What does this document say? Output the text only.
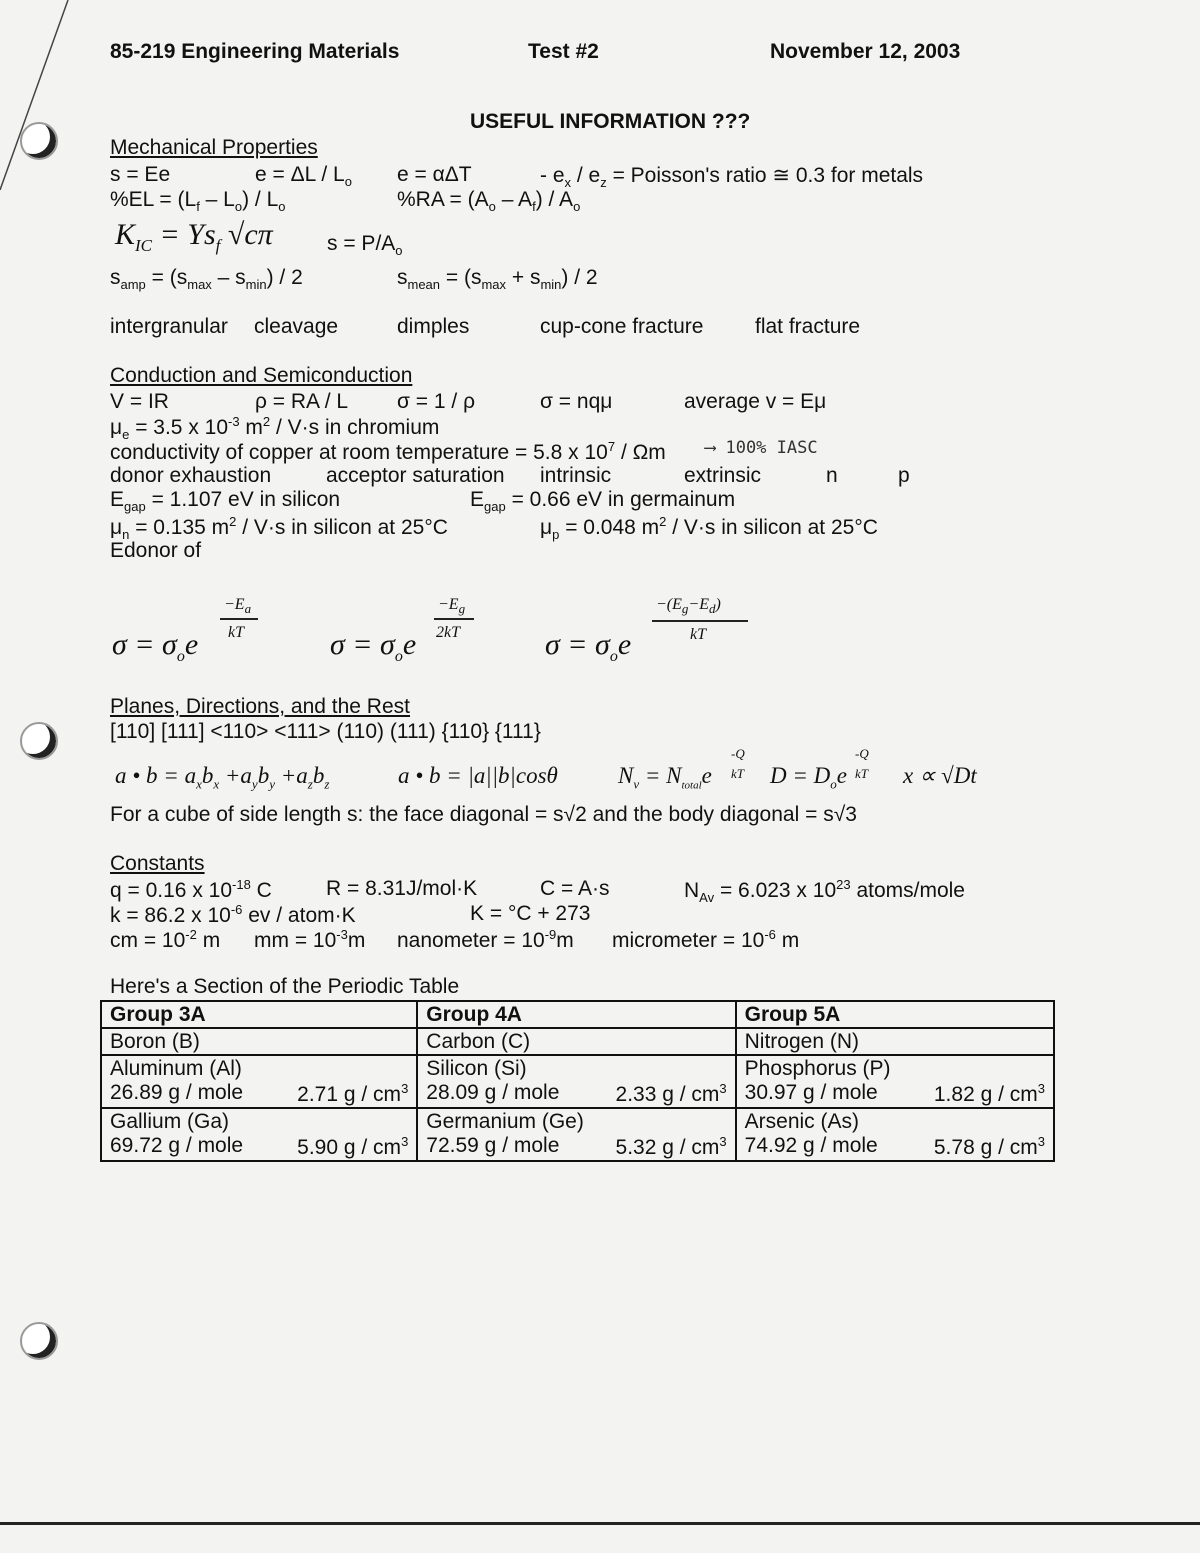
85-219 Engineering Materials	Test #2	November 12, 2003
USEFUL INFORMATION ???
Mechanical Properties
s = Ee	$e = \Delta L / L_o$ e = αΔT	- $e_x / e_z$ = Poisson's ratio ≅ 0.3 for metals
$\%EL = (L_f - L_o) / L_o$	$\%RA = (A_o - A_f) / A_o$
$K_{IC} = Ys_f$ √cπ	$s = P/A_o$
$s_{amp} = (s_{max} - s_{min}) / 2$	$s_{mean} = (s_{max} + s_{min}) / 2$
intergranular cleavage	dimples	cup-cone fracture flat fracture
Conduction and Semiconduction
V = IR	ρ = RA / L σ = 1 / ρ	σ = nqμ	average v = Eμ
$\mu_e = 3.5$ x $10^{-3}$ $m^2 / V\cdot s$ in chromium
conductivity of copper at room temperature = 5.8 x $10^7$ / Ωm ⟶ 100% IASC
donor exhaustion	acceptor saturation intrinsic	extrinsic	n	p
$E_{gap} = 1.107$ eV in silicon	$E_{gap} = 0.66$ eV in germainum
$\mu_n = 0.135$ $m^2 / V\cdot s$ in silicon at 25°C	$\mu_p = 0.048$ $m^2 / V\cdot s$ in silicon at 25°C
Edonor of
$\sigma = \sigma_oe$
$-E_a$
kT	$\sigma = \sigma_oe$
$-E_g$
2kT	$\sigma = \sigma_oe$
$-(E_g-E_d)$
kT
Planes, Directions, and the Rest
[110] [111] <110> <111> (110) (111) {110} {111}
a • $b = a_xb_x +a_yb_y +a_zb_z$	a • b = |a||b|cosθ	$N_v = N_{total}e$
-Q
kT $D = D_oe$
-Q
kT x ∝ √Dt
For a cube of side length s: the face diagonal = s√2 and the body diagonal = s√3
Constants
q = 0.16 x $10^{-18}$ C	R = 8.31J/mol·K	C = A·s	$N_{Av} = 6.023$ x $10^{23}$ atoms/mole
k = 86.2 x $10^{-6}$ ev / atom·K	K = °C + 273
cm = $10^{-2}$ m mm = $10^{-3}m$ nanometer = $10^{-9}m$ micrometer = $10^{-6}$ m
Here's a Section of the Periodic Table
Group 3A	Group 4A	Group 5A
Boron (B)	Carbon (C)	Nitrogen (N)
Aluminum (Al)	Silicon (Si)	Phosphorus (P)

26.89 g / mole 2.71 g / $cm^3$	28.09 g / mole 2.33 g / $cm^3$	30.97 g / mole 1.82 g / $cm^3$

Gallium (Ga)	Germanium (Ge)	Arsenic (As)

69.72 g / mole 5.90 g / $cm^3$	72.59 g / mole 5.32 g / $cm^3$	74.92 g / mole 5.78 g / $cm^3$
